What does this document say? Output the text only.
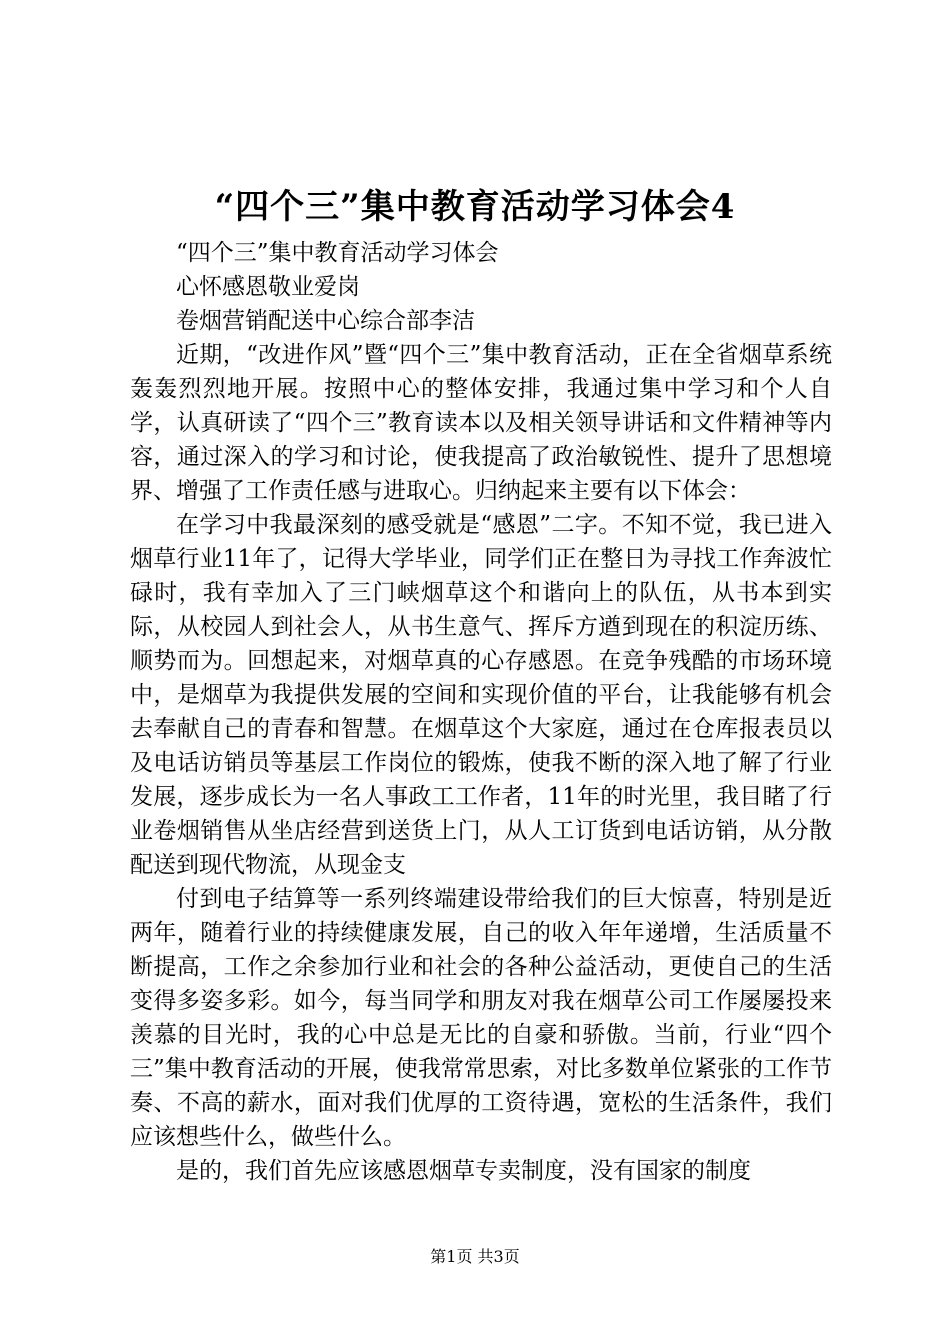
“四个三”集中教育活动学习体会4

“四个三”集中教育活动学习体会

心怀感恩敬业爱岗

卷烟营销配送中心综合部李洁

近期，“改进作风”暨“四个三”集中教育活动，正在全省烟草系统轰轰烈烈地开展。按照中心的整体安排，我通过集中学习和个人自学，认真研读了“四个三”教育读本以及相关领导讲话和文件精神等内容，通过深入的学习和讨论，使我提高了政治敏锐性、提升了思想境界、增强了工作责任感与进取心。归纳起来主要有以下体会：

在学习中我最深刻的感受就是“感恩”二字。不知不觉，我已进入烟草行业11年了，记得大学毕业，同学们正在整日为寻找工作奔波忙碌时，我有幸加入了三门峡烟草这个和谐向上的队伍，从书本到实际，从校园人到社会人，从书生意气、挥斥方遒到现在的积淀历练、顺势而为。回想起来，对烟草真的心存感恩。在竞争残酷的市场环境中，是烟草为我提供发展的空间和实现价值的平台，让我能够有机会去奉献自己的青春和智慧。在烟草这个大家庭，通过在仓库报表员以及电话访销员等基层工作岗位的锻炼，使我不断的深入地了解了行业发展，逐步成长为一名人事政工工作者，11年的时光里，我目睹了行业卷烟销售从坐店经营到送货上门，从人工订货到电话访销，从分散配送到现代物流，从现金支

付到电子结算等一系列终端建设带给我们的巨大惊喜，特别是近两年，随着行业的持续健康发展，自己的收入年年递增，生活质量不断提高，工作之余参加行业和社会的各种公益活动，更使自己的生活变得多姿多彩。如今，每当同学和朋友对我在烟草公司工作屡屡投来羡慕的目光时，我的心中总是无比的自豪和骄傲。当前，行业“四个三”集中教育活动的开展，使我常常思索，对比多数单位紧张的工作节奏、不高的薪水，面对我们优厚的工资待遇，宽松的生活条件，我们应该想些什么，做些什么。

是的，我们首先应该感恩烟草专卖制度，没有国家的制度

第1页 共3页
